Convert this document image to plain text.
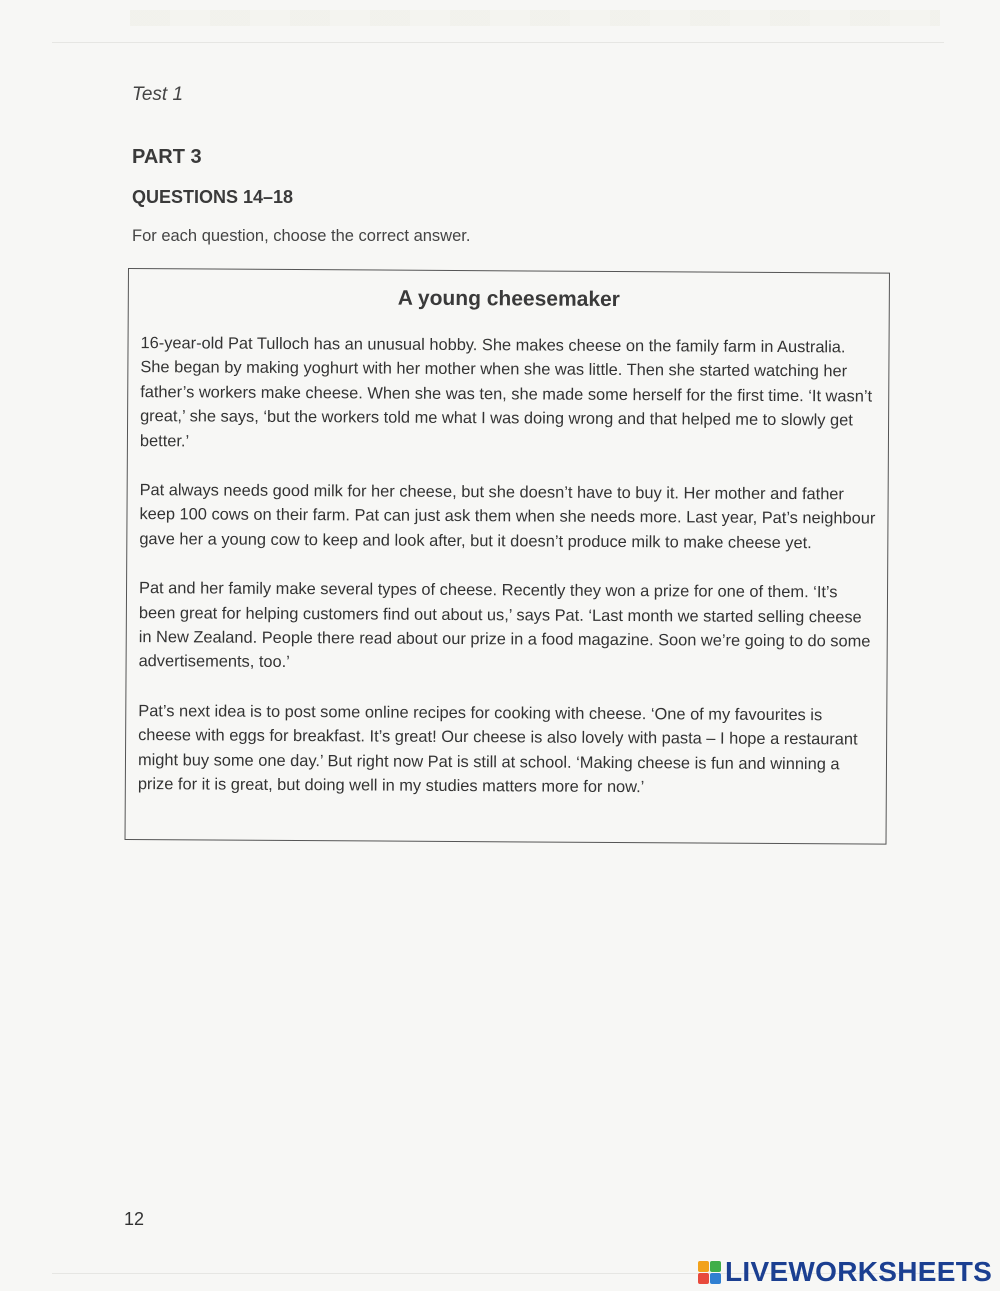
Test 1
PART 3
QUESTIONS 14–18
For each question, choose the correct answer.
A young cheesemaker

16-year-old Pat Tulloch has an unusual hobby. She makes cheese on the family farm in Australia. She began by making yoghurt with her mother when she was little. Then she started watching her father’s workers make cheese. When she was ten, she made some herself for the first time. ‘It wasn’t great,’ she says, ‘but the workers told me what I was doing wrong and that helped me to slowly get better.’

Pat always needs good milk for her cheese, but she doesn’t have to buy it. Her mother and father keep 100 cows on their farm. Pat can just ask them when she needs more. Last year, Pat’s neighbour gave her a young cow to keep and look after, but it doesn’t produce milk to make cheese yet.

Pat and her family make several types of cheese. Recently they won a prize for one of them. ‘It’s been great for helping customers find out about us,’ says Pat. ‘Last month we started selling cheese in New Zealand. People there read about our prize in a food magazine. Soon we’re going to do some advertisements, too.’

Pat’s next idea is to post some online recipes for cooking with cheese. ‘One of my favourites is cheese with eggs for breakfast. It’s great! Our cheese is also lovely with pasta – I hope a restaurant might buy some one day.’ But right now Pat is still at school. ‘Making cheese is fun and winning a prize for it is great, but doing well in my studies matters more for now.’

12
LIVEWORKSHEETS
